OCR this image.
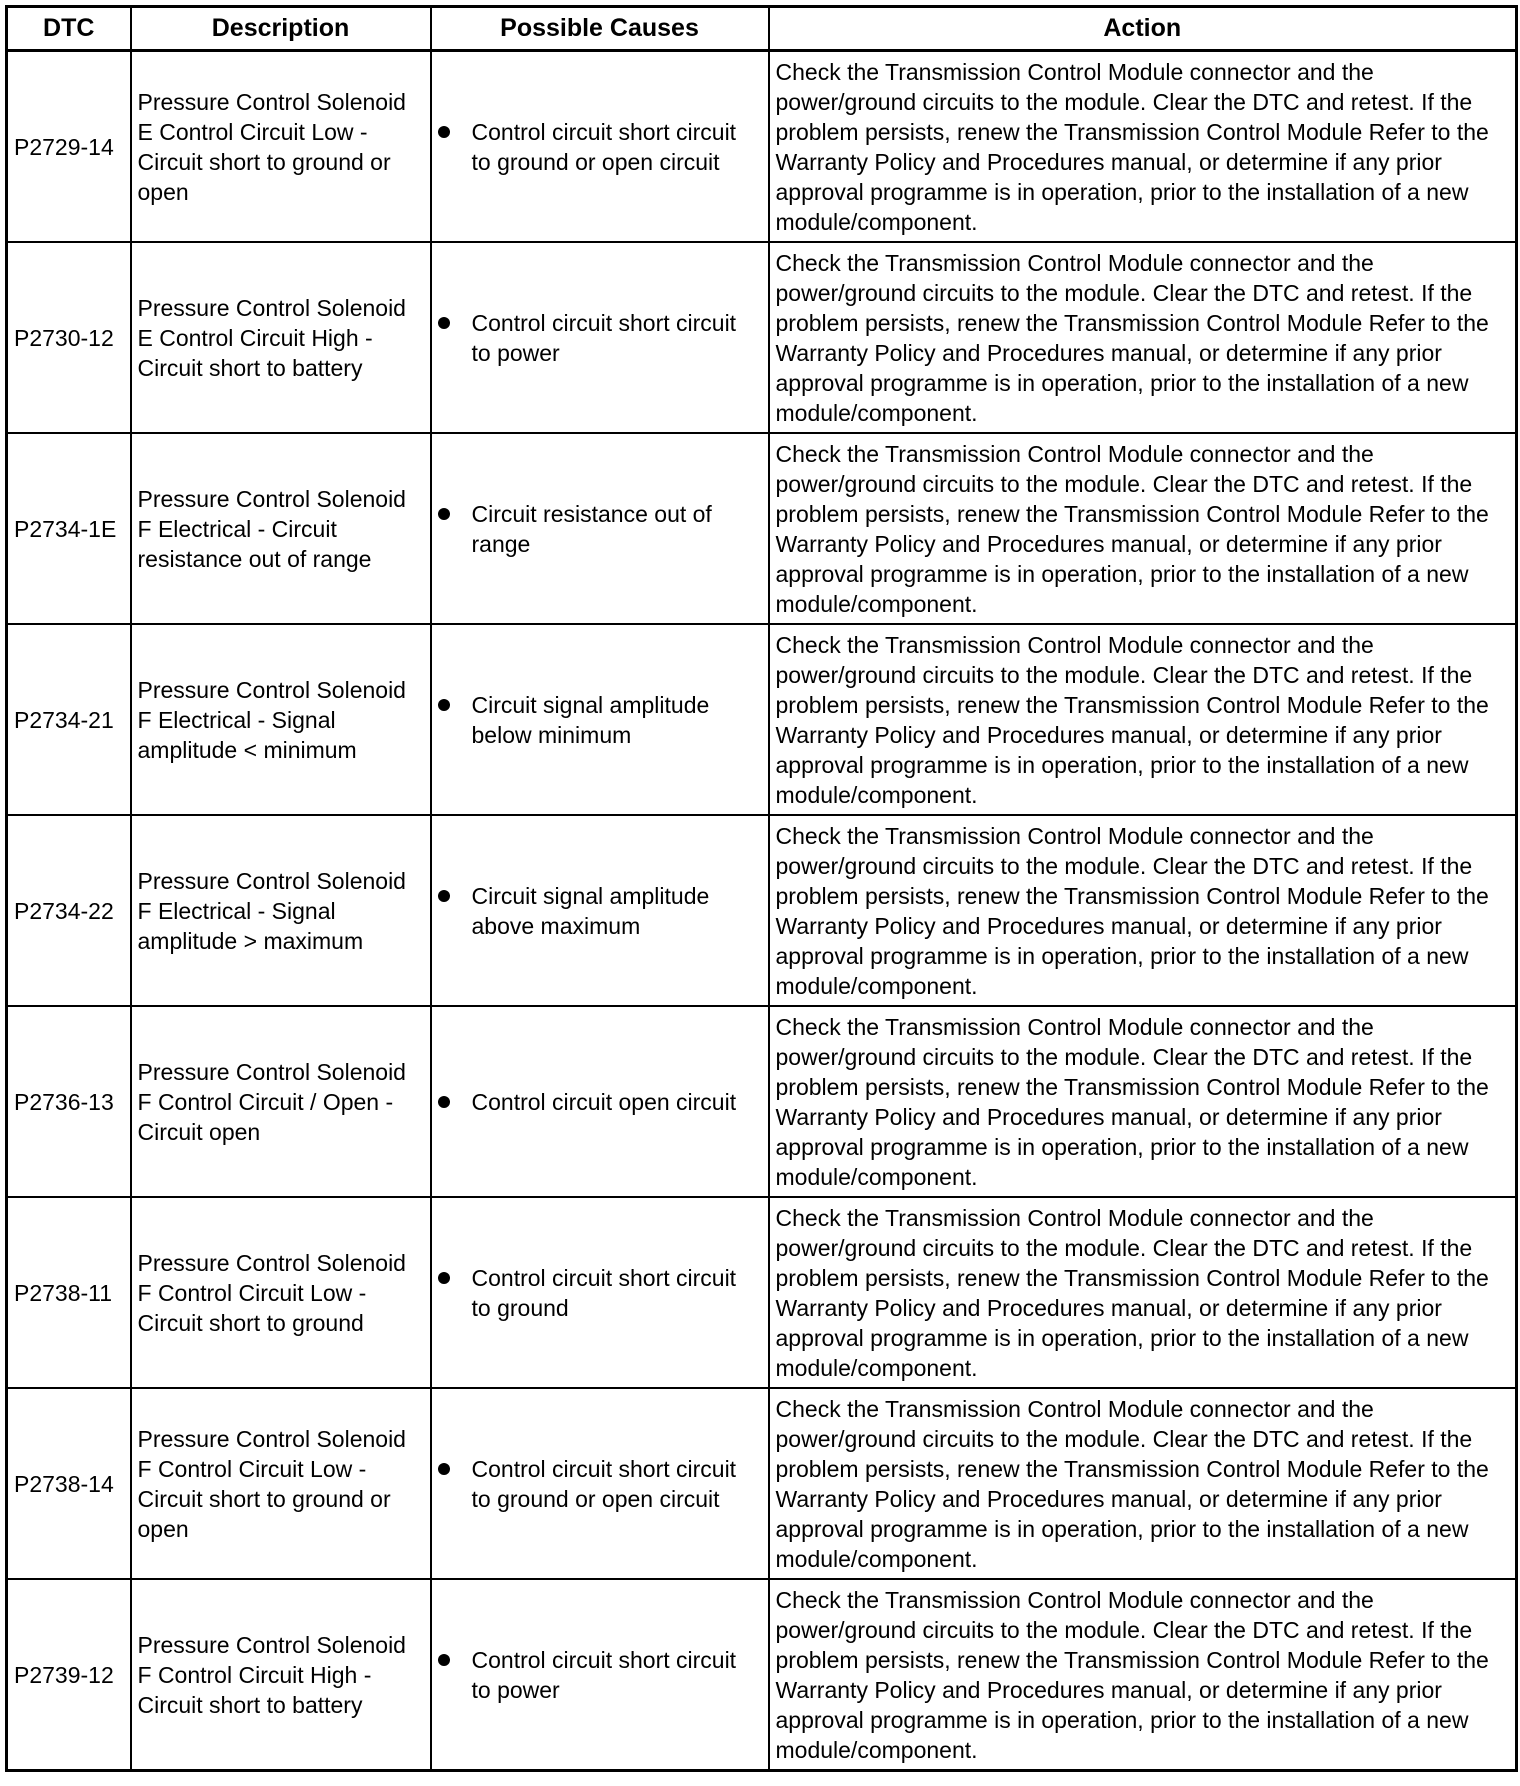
DTC	Description	Possible Causes	Action
P2729-14	Pressure Control Solenoid E Control Circuit Low - Circuit short to ground or open	Control circuit short circuit to ground or open circuit	Check the Transmission Control Module connector and the power/ground circuits to the module. Clear the DTC and retest. If the problem persists, renew the Transmission Control Module Refer to the Warranty Policy and Procedures manual, or determine if any prior approval programme is in operation, prior to the installation of a new module/component.
P2730-12	Pressure Control Solenoid E Control Circuit High - Circuit short to battery	Control circuit short circuit to power	Check the Transmission Control Module connector and the power/ground circuits to the module. Clear the DTC and retest. If the problem persists, renew the Transmission Control Module Refer to the Warranty Policy and Procedures manual, or determine if any prior approval programme is in operation, prior to the installation of a new module/component.
P2734-1E	Pressure Control Solenoid F Electrical - Circuit resistance out of range	Circuit resistance out of range	Check the Transmission Control Module connector and the power/ground circuits to the module. Clear the DTC and retest. If the problem persists, renew the Transmission Control Module Refer to the Warranty Policy and Procedures manual, or determine if any prior approval programme is in operation, prior to the installation of a new module/component.
P2734-21	Pressure Control Solenoid F Electrical - Signal amplitude < minimum	Circuit signal amplitude below minimum	Check the Transmission Control Module connector and the power/ground circuits to the module. Clear the DTC and retest. If the problem persists, renew the Transmission Control Module Refer to the Warranty Policy and Procedures manual, or determine if any prior approval programme is in operation, prior to the installation of a new module/component.
P2734-22	Pressure Control Solenoid F Electrical - Signal amplitude > maximum	Circuit signal amplitude above maximum	Check the Transmission Control Module connector and the power/ground circuits to the module. Clear the DTC and retest. If the problem persists, renew the Transmission Control Module Refer to the Warranty Policy and Procedures manual, or determine if any prior approval programme is in operation, prior to the installation of a new module/component.
P2736-13	Pressure Control Solenoid F Control Circuit / Open - Circuit open	Control circuit open circuit	Check the Transmission Control Module connector and the power/ground circuits to the module. Clear the DTC and retest. If the problem persists, renew the Transmission Control Module Refer to the Warranty Policy and Procedures manual, or determine if any prior approval programme is in operation, prior to the installation of a new module/component.
P2738-11	Pressure Control Solenoid F Control Circuit Low - Circuit short to ground	Control circuit short circuit to ground	Check the Transmission Control Module connector and the power/ground circuits to the module. Clear the DTC and retest. If the problem persists, renew the Transmission Control Module Refer to the Warranty Policy and Procedures manual, or determine if any prior approval programme is in operation, prior to the installation of a new module/component.
P2738-14	Pressure Control Solenoid F Control Circuit Low - Circuit short to ground or open	Control circuit short circuit to ground or open circuit	Check the Transmission Control Module connector and the power/ground circuits to the module. Clear the DTC and retest. If the problem persists, renew the Transmission Control Module Refer to the Warranty Policy and Procedures manual, or determine if any prior approval programme is in operation, prior to the installation of a new module/component.
P2739-12	Pressure Control Solenoid F Control Circuit High - Circuit short to battery	Control circuit short circuit to power	Check the Transmission Control Module connector and the power/ground circuits to the module. Clear the DTC and retest. If the problem persists, renew the Transmission Control Module Refer to the Warranty Policy and Procedures manual, or determine if any prior approval programme is in operation, prior to the installation of a new module/component.
